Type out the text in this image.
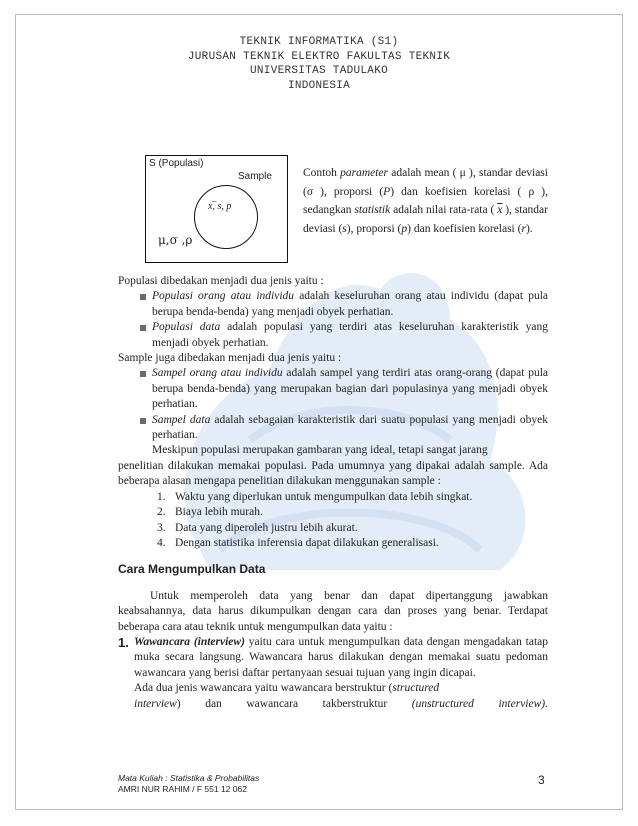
TEKNIK INFORMATIKA (S1)
JURUSAN TEKNIK ELEKTRO FAKULTAS TEKNIK
UNIVERSITAS TADULAKO
INDONESIA
S (Populasi)
Sample
_
x, s, p
μ,σ ,ρ
Contoh parameter adalah mean ( μ ), standar deviasi (σ ), proporsi (P) dan koefisien korelasi ( ρ ), sedangkan statistik adalah nilai rata-rata ( $\overline{x}$ ), standar deviasi (s), proporsi (p) dan koefisien korelasi (r).

Populasi dibedakan menjadi dua jenis yaitu :

Populasi orang atau individu adalah keseluruhan orang atau individu (dapat pula berupa benda-benda) yang menjadi obyek perhatian.

Populasi data adalah populasi yang terdiri atas keseluruhan karakteristik yang menjadi obyek perhatian.

Sample juga dibedakan menjadi dua jenis yaitu :

Sampel orang atau individu adalah sampel yang terdiri atas orang-orang (dapat pula berupa benda-benda) yang merupakan bagian dari populasinya yang menjadi obyek perhatian.

Sampel data adalah sebagaian karakteristik dari suatu populasi yang menjadi obyek perhatian.

Meskipun populasi merupakan gambaran yang ideal, tetapi sangat jarang

penelitian dilakukan memakai populasi. Pada umumnya yang dipakai adalah sample. Ada beberapa alasan mengapa penelitian dilakukan menggunakan sample :

1. Waktu yang diperlukan untuk mengumpulkan data lebih singkat.

2. Biaya lebih murah.

3. Data yang diperoleh justru lebih akurat.

4. Dengan statistika inferensia dapat dilakukan generalisasi.

Cara Mengumpulkan Data

Untuk memperoleh data yang benar dan dapat dipertanggung jawabkan keabsahannya, data harus dikumpulkan dengan cara dan proses yang benar. Terdapat beberapa cara atau teknik untuk mengumpulkan data yaitu :

1. Wawancara (interview) yaitu cara untuk mengumpulkan data dengan mengadakan tatap muka secara langsung. Wawancara harus dilakukan dengan memakai suatu pedoman wawancara yang berisi daftar pertanyaan sesuai tujuan yang ingin dicapai.

Ada dua jenis wawancara yaitu wawancara berstruktur (structured

interview) dan wawancara takberstruktur (unstructured interview).
Mata Kuliah : Statistika & Probabilitas
AMRI NUR RAHIM / F 551 12 062
3
